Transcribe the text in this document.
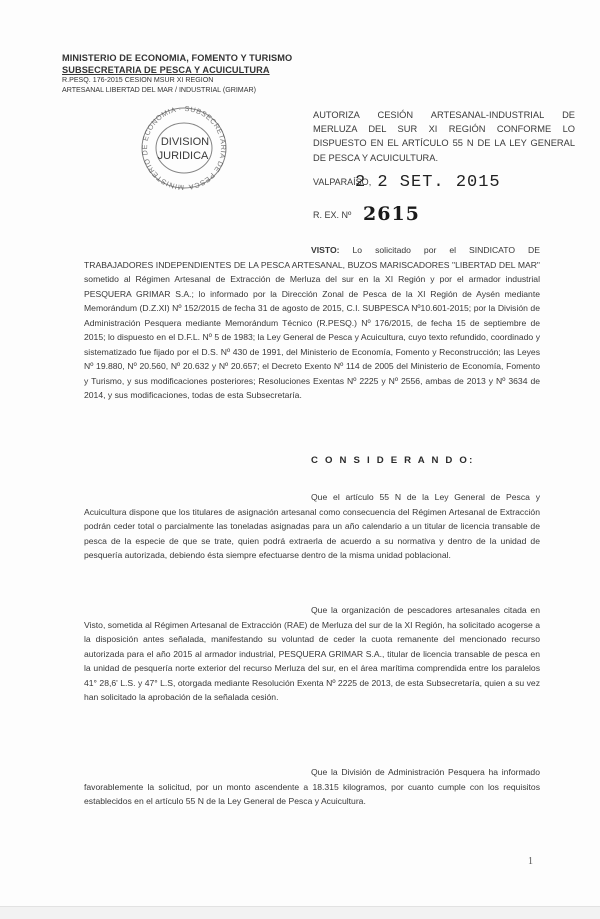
MINISTERIO DE ECONOMIA, FOMENTO Y TURISMO
SUBSECRETARIA DE PESCA Y ACUICULTURA
R.PESQ. 176-2015 CESION MSUR XI REGION
ARTESANAL LIBERTAD DEL MAR / INDUSTRIAL (GRIMAR)
MINISTERIO DE ECONOMIA · SUBSECRETARIA DE PESCA
DIVISION
JURIDICA
AUTORIZA CESIÓN ARTESANAL-INDUSTRIAL DE MERLUZA DEL SUR XI REGIÓN CONFORME LO DISPUESTO EN EL ARTÍCULO 55 N DE LA LEY GENERAL DE PESCA Y ACUICULTURA.
VALPARAÍSO,
2 2 SET. 2015
R. EX. Nº 2615
VISTO: Lo solicitado por el SINDICATO DE TRABAJADORES INDEPENDIENTES DE LA PESCA ARTESANAL, BUZOS MARISCADORES "LIBERTAD DEL MAR" sometido al Régimen Artesanal de Extracción de Merluza del sur en la XI Región y por el armador industrial PESQUERA GRIMAR S.A.; lo informado por la Dirección Zonal de Pesca de la XI Región de Aysén mediante Memorándum (D.Z.XI) Nº 152/2015 de fecha 31 de agosto de 2015, C.I. SUBPESCA Nº10.601-2015; por la División de Administración Pesquera mediante Memorándum Técnico (R.PESQ.) Nº 176/2015, de fecha 15 de septiembre de 2015; lo dispuesto en el D.F.L. Nº 5 de 1983; la Ley General de Pesca y Acuicultura, cuyo texto refundido, coordinado y sistematizado fue fijado por el D.S. Nº 430 de 1991, del Ministerio de Economía, Fomento y Reconstrucción; las Leyes Nº 19.880, Nº 20.560, Nº 20.632 y Nº 20.657; el Decreto Exento Nº 114 de 2005 del Ministerio de Economía, Fomento y Turismo, y sus modificaciones posteriores; Resoluciones Exentas Nº 2225 y Nº 2556, ambas de 2013 y Nº 3634 de 2014, y sus modificaciones, todas de esta Subsecretaría.
C O N S I D E R A N D O:
Que el artículo 55 N de la Ley General de Pesca y Acuicultura dispone que los titulares de asignación artesanal como consecuencia del Régimen Artesanal de Extracción podrán ceder total o parcialmente las toneladas asignadas para un año calendario a un titular de licencia transable de pesca de la especie de que se trate, quien podrá extraerla de acuerdo a su normativa y dentro de la unidad de pesquería autorizada, debiendo ésta siempre efectuarse dentro de la misma unidad poblacional.
Que la organización de pescadores artesanales citada en Visto, sometida al Régimen Artesanal de Extracción (RAE) de Merluza del sur de la XI Región, ha solicitado acogerse a la disposición antes señalada, manifestando su voluntad de ceder la cuota remanente del mencionado recurso autorizada para el año 2015 al armador industrial, PESQUERA GRIMAR S.A., titular de licencia transable de pesca en la unidad de pesquería norte exterior del recurso Merluza del sur, en el área marítima comprendida entre los paralelos 41° 28,6' L.S. y 47° L.S, otorgada mediante Resolución Exenta Nº 2225 de 2013, de esta Subsecretaría, quien a su vez han solicitado la aprobación de la señalada cesión.
Que la División de Administración Pesquera ha informado favorablemente la solicitud, por un monto ascendente a 18.315 kilogramos, por cuanto cumple con los requisitos establecidos en el artículo 55 N de la Ley General de Pesca y Acuicultura.
1
